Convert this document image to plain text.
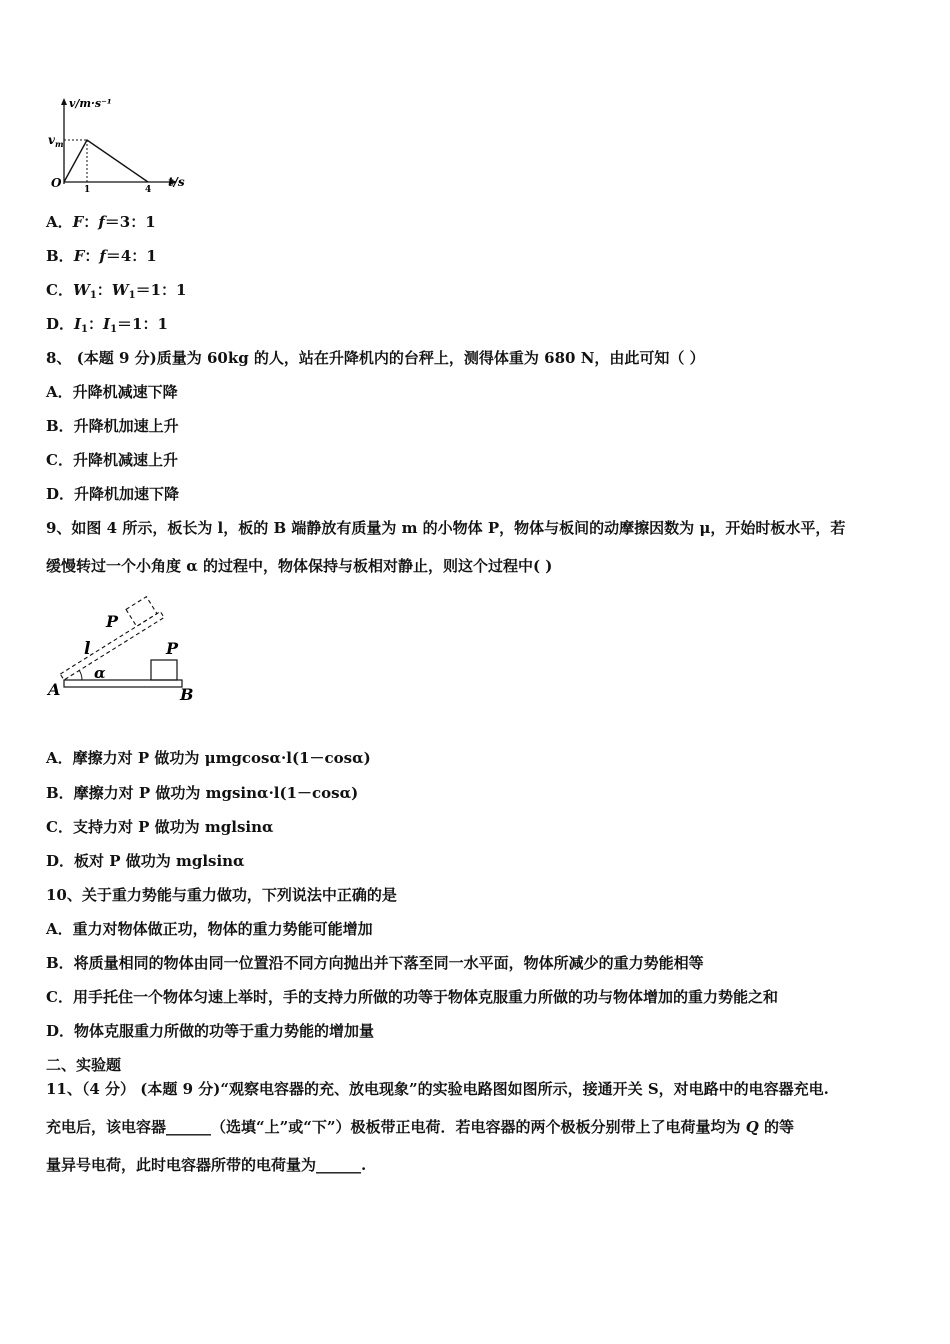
v/m·s⁻¹
$v_m$
O	1	4
t/s
A．F：f＝3：1
B．F：f＝4：1
C．$W_1$：$W_1=1$：1
D．$I_1$：$I_1=1$：1
8、 (本题 9 分)质量为 60kg 的人，站在升降机内的台秤上，测得体重为 680 N，由此可知（ ）
A．升降机减速下降
B．升降机加速上升
C．升降机减速上升
D．升降机加速下降
9、如图 4 所示，板长为 l，板的 B 端静放有质量为 m 的小物体 P，物体与板间的动摩擦因数为 μ，开始时板水平，若
缓慢转过一个小角度 α 的过程中，物体保持与板相对静止，则这个过程中( )
P
l	P
α
A	B
A．摩擦力对 P 做功为 μmgcosα·l(1－cosα)
B．摩擦力对 P 做功为 mgsinα·l(1－cosα)
C．支持力对 P 做功为 mglsinα
D．板对 P 做功为 mglsinα
10、关于重力势能与重力做功，下列说法中正确的是
A．重力对物体做正功，物体的重力势能可能增加
B．将质量相同的物体由同一位置沿不同方向抛出并下落至同一水平面，物体所减少的重力势能相等
C．用手托住一个物体匀速上举时，手的支持力所做的功等于物体克服重力所做的功与物体增加的重力势能之和
D．物体克服重力所做的功等于重力势能的增加量
二、实验题
11、（4 分） (本题 9 分)“观察电容器的充、放电现象”的实验电路图如图所示，接通开关 S，对电路中的电容器充电.
充电后，该电容器______（选填“上”或“下”）极板带正电荷．若电容器的两个极板分别带上了电荷量均为 Q 的等
量异号电荷，此时电容器所带的电荷量为______.
